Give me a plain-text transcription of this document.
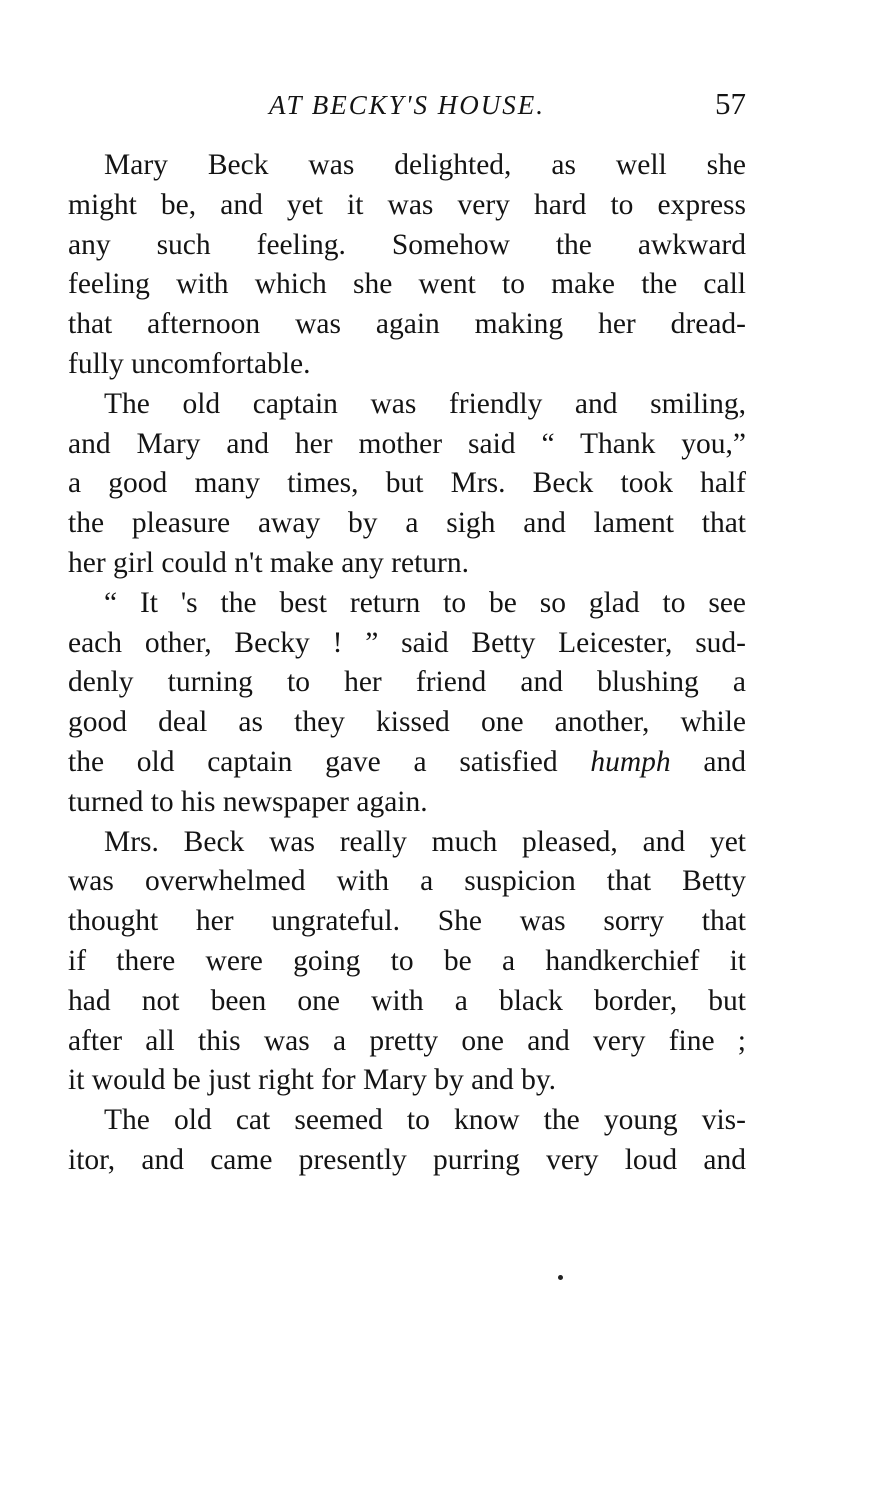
AT BECKY'S HOUSE.	57

Mary Beck was delighted, as well she
might be, and yet it was very hard to express
any such feeling. Somehow the awkward
feeling with which she went to make the call
that afternoon was again making her dread-
fully uncomfortable.

The old captain was friendly and smiling,
and Mary and her mother said “ Thank you,”
a good many times, but Mrs. Beck took half
the pleasure away by a sigh and lament that
her girl could n't make any return.

“ It 's the best return to be so glad to see
each other, Becky ! ” said Betty Leicester, sud-
denly turning to her friend and blushing a
good deal as they kissed one another, while
the old captain gave a satisfied humph and
turned to his newspaper again.

Mrs. Beck was really much pleased, and yet
was overwhelmed with a suspicion that Betty
thought her ungrateful. She was sorry that
if there were going to be a handkerchief it
had not been one with a black border, but
after all this was a pretty one and very fine ;
it would be just right for Mary by and by.

The old cat seemed to know the young vis-
itor, and came presently purring very loud and
